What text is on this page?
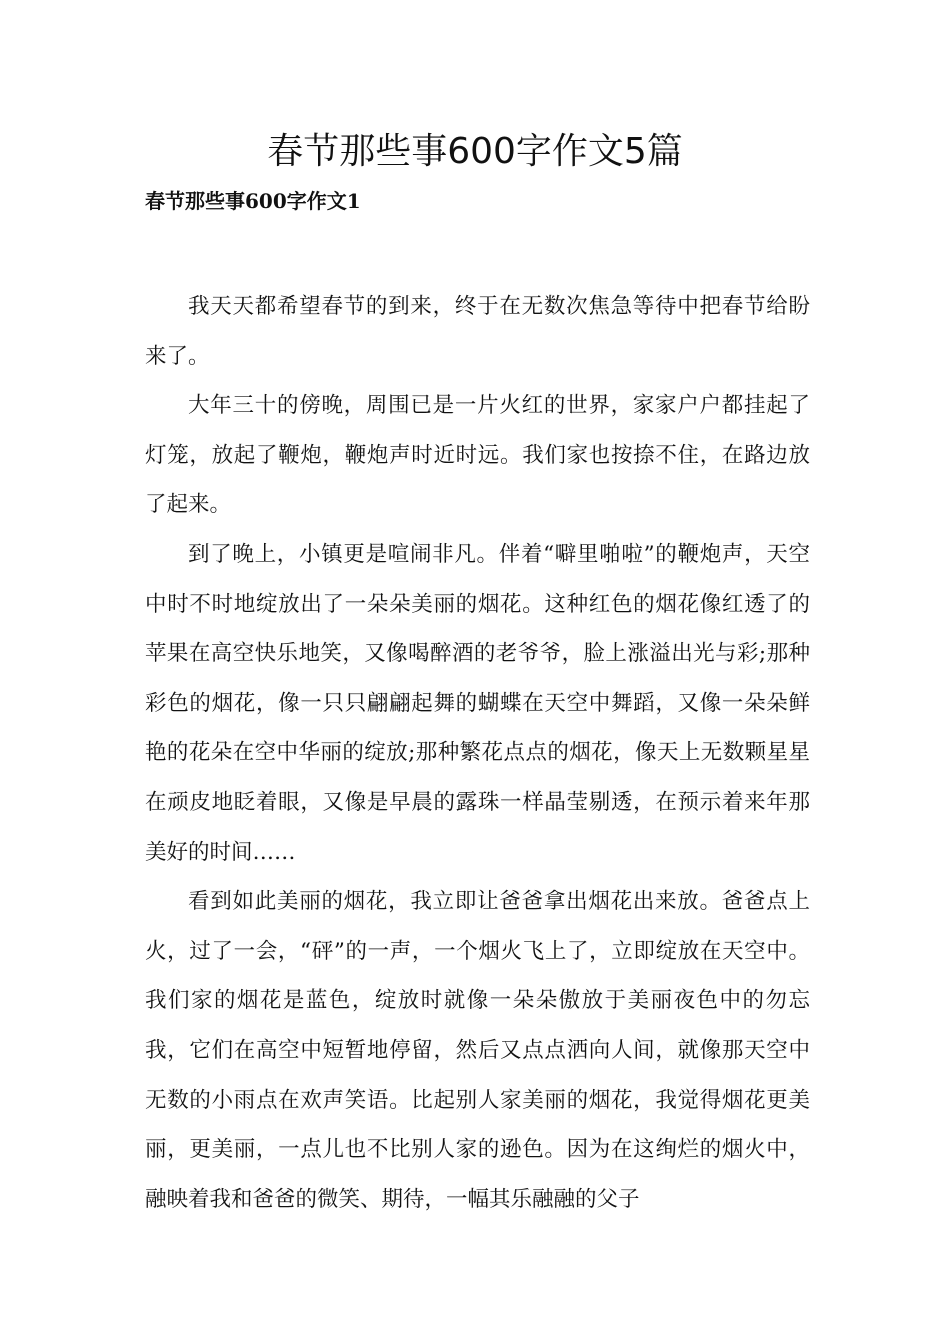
春节那些事600字作文5篇
春节那些事600字作文1

我天天都希望春节的到来，终于在无数次焦急等待中把春节给盼来了。

大年三十的傍晚，周围已是一片火红的世界，家家户户都挂起了灯笼，放起了鞭炮，鞭炮声时近时远。我们家也按捺不住，在路边放了起来。

到了晚上，小镇更是喧闹非凡。伴着“噼里啪啦”的鞭炮声，天空中时不时地绽放出了一朵朵美丽的烟花。这种红色的烟花像红透了的苹果在高空快乐地笑，又像喝醉酒的老爷爷，脸上涨溢出光与彩;那种彩色的烟花，像一只只翩翩起舞的蝴蝶在天空中舞蹈，又像一朵朵鲜艳的花朵在空中华丽的绽放;那种繁花点点的烟花，像天上无数颗星星在顽皮地眨着眼，又像是早晨的露珠一样晶莹剔透，在预示着来年那美好的时间……

看到如此美丽的烟花，我立即让爸爸拿出烟花出来放。爸爸点上火，过了一会，“砰”的一声，一个烟火飞上了，立即绽放在天空中。我们家的烟花是蓝色，绽放时就像一朵朵傲放于美丽夜色中的勿忘我，它们在高空中短暂地停留，然后又点点洒向人间，就像那天空中无数的小雨点在欢声笑语。比起别人家美丽的烟花，我觉得烟花更美丽，更美丽，一点儿也不比别人家的逊色。因为在这绚烂的烟火中，融映着我和爸爸的微笑、期待，一幅其乐融融的父子
